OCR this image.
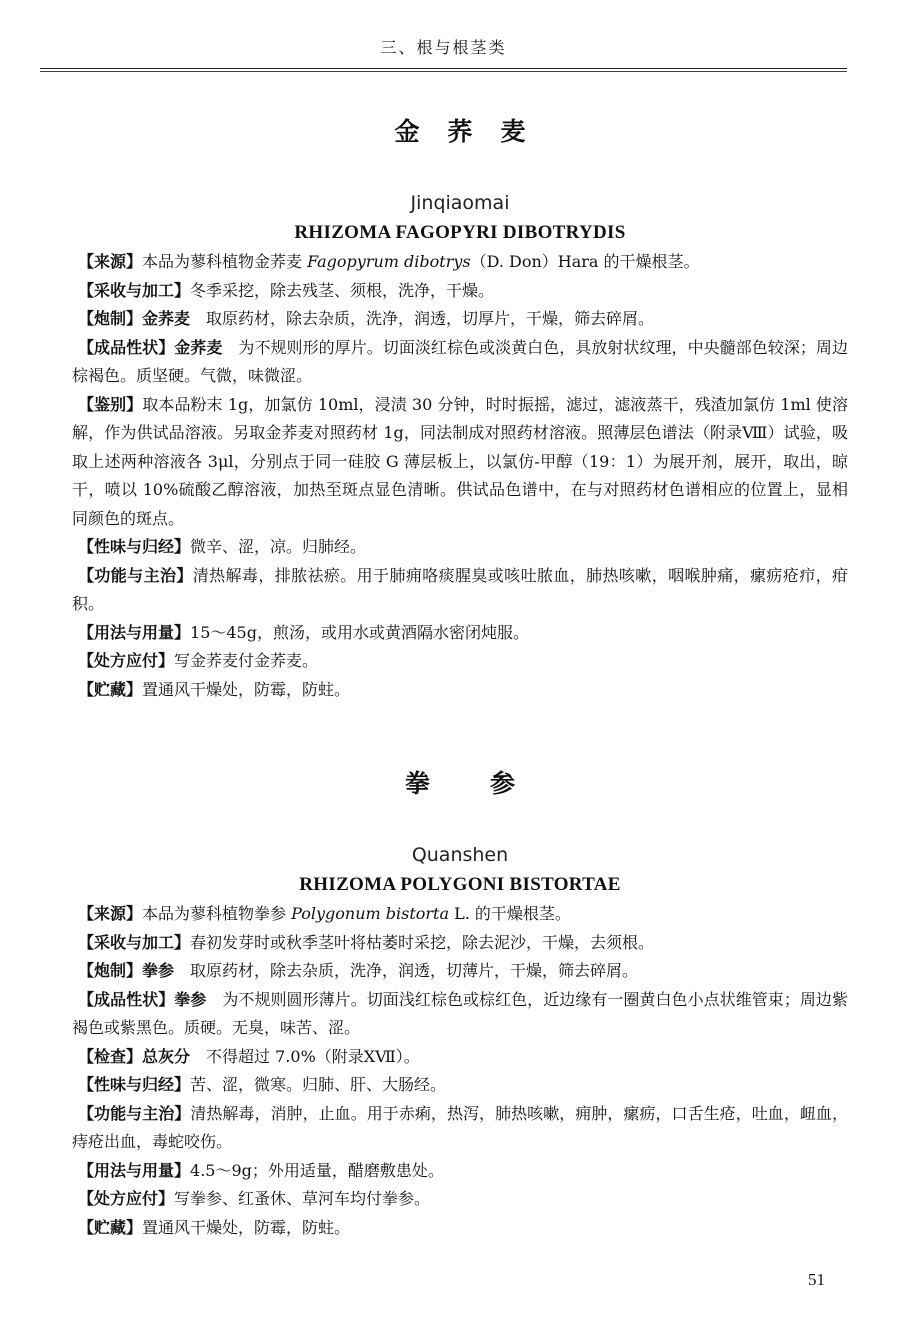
三、根与根茎类

金荞麦

Jinqiaomai

RHIZOMA FAGOPYRI DIBOTRYDIS

【来源】本品为蓼科植物金荞麦 Fagopyrum dibotrys（D. Don）Hara 的干燥根茎。

【采收与加工】冬季采挖，除去残茎、须根，洗净，干燥。

【炮制】金荞麦　取原药材，除去杂质，洗净，润透，切厚片，干燥，筛去碎屑。

【成品性状】金荞麦　为不规则形的厚片。切面淡红棕色或淡黄白色，具放射状纹理，中央髓部色较深；周边棕褐色。质坚硬。气微，味微涩。

【鉴别】取本品粉末 1g，加氯仿 10ml，浸渍 30 分钟，时时振摇，滤过，滤液蒸干，残渣加氯仿 1ml 使溶解，作为供试品溶液。另取金荞麦对照药材 1g，同法制成对照药材溶液。照薄层色谱法（附录Ⅷ）试验，吸取上述两种溶液各 3μl，分别点于同一硅胶 G 薄层板上，以氯仿-甲醇（19：1）为展开剂，展开，取出，晾干，喷以 10%硫酸乙醇溶液，加热至斑点显色清晰。供试品色谱中，在与对照药材色谱相应的位置上，显相同颜色的斑点。

【性味与归经】微辛、涩，凉。归肺经。

【功能与主治】清热解毒，排脓祛瘀。用于肺痈咯痰腥臭或咳吐脓血，肺热咳嗽，咽喉肿痛，瘰疬疮疖，疳积。

【用法与用量】15～45g，煎汤，或用水或黄酒隔水密闭炖服。

【处方应付】写金荞麦付金荞麦。

【贮藏】置通风干燥处，防霉，防蛀。

拳参

Quanshen

RHIZOMA POLYGONI BISTORTAE

【来源】本品为蓼科植物拳参 Polygonum bistorta L. 的干燥根茎。

【采收与加工】春初发芽时或秋季茎叶将枯萎时采挖，除去泥沙，干燥，去须根。

【炮制】拳参　取原药材，除去杂质，洗净，润透，切薄片，干燥，筛去碎屑。

【成品性状】拳参　为不规则圆形薄片。切面浅红棕色或棕红色，近边缘有一圈黄白色小点状维管束；周边紫褐色或紫黑色。质硬。无臭，味苦、涩。

【检查】总灰分　不得超过 7.0%（附录ⅩⅦ）。

【性味与归经】苦、涩，微寒。归肺、肝、大肠经。

【功能与主治】清热解毒，消肿，止血。用于赤痢，热泻，肺热咳嗽，痈肿，瘰疬，口舌生疮，吐血，衄血，痔疮出血，毒蛇咬伤。

【用法与用量】4.5～9g；外用适量，醋磨敷患处。

【处方应付】写拳参、红蚤休、草河车均付拳参。

【贮藏】置通风干燥处，防霉，防蛀。

51
